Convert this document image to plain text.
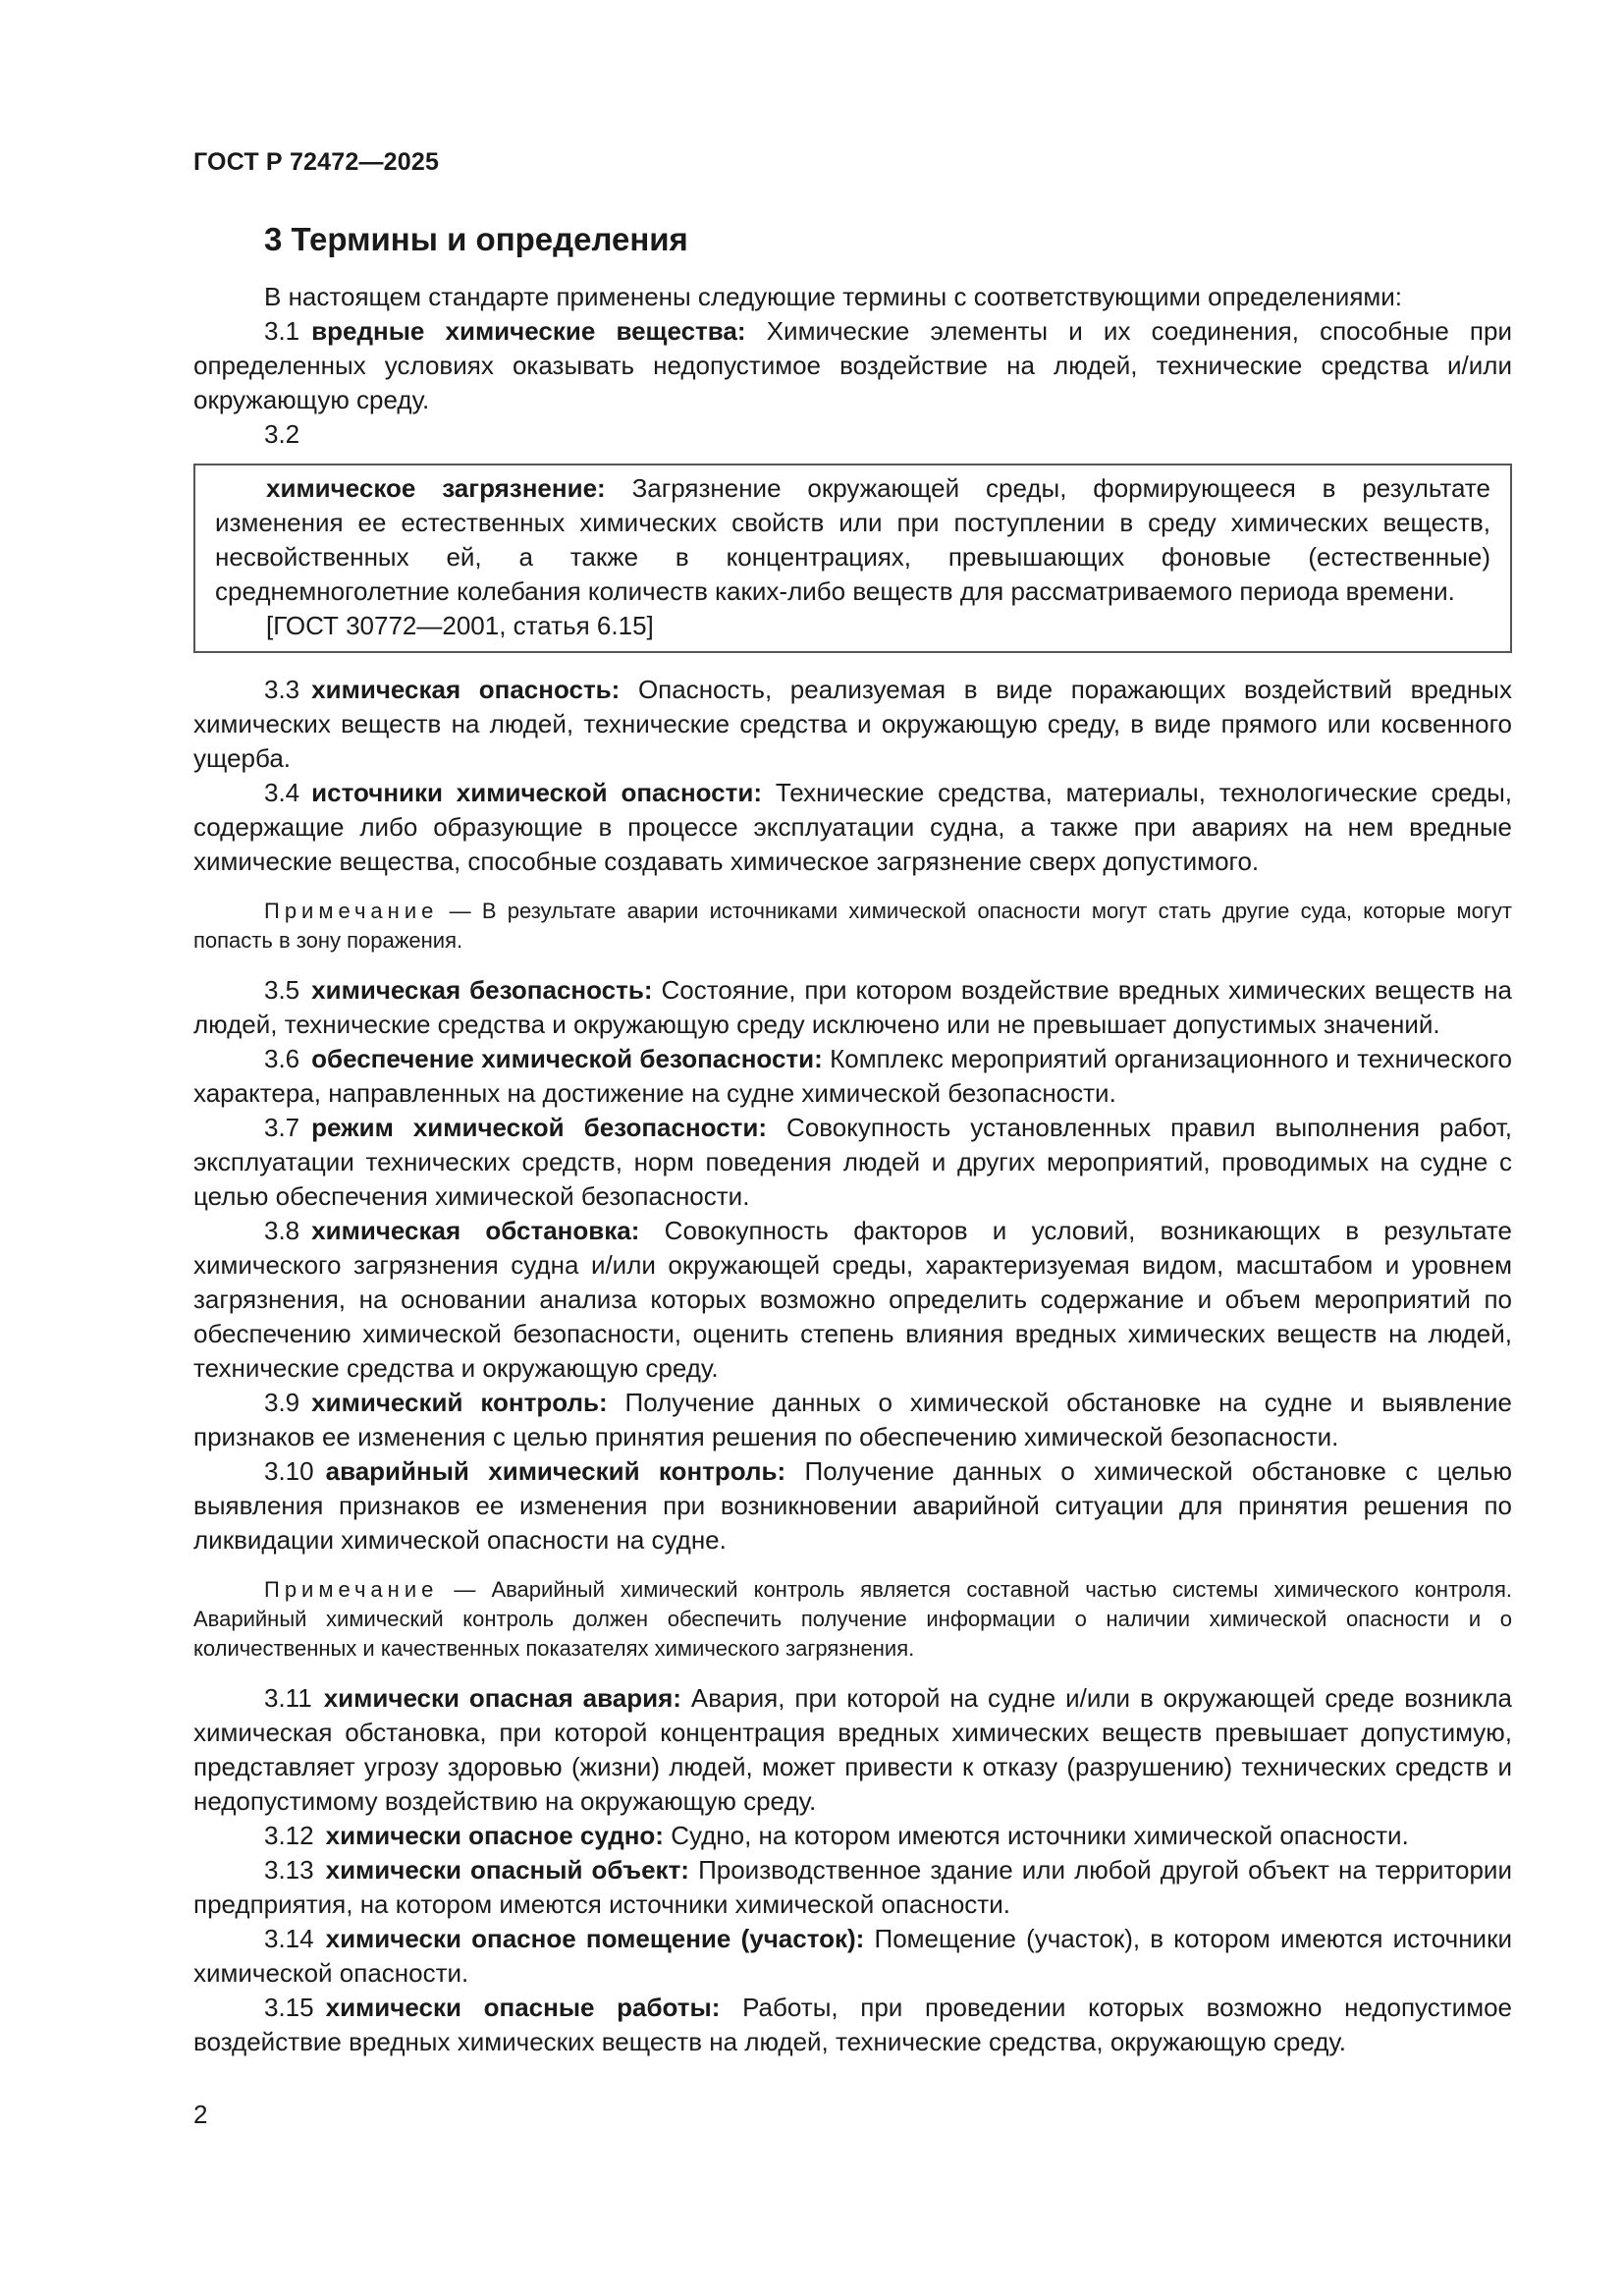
ГОСТ Р 72472—2025
3 Термины и определения

В настоящем стандарте применены следующие термины с соответствующими определениями:

3.1 вредные химические вещества: Химические элементы и их соединения, способные при определенных условиях оказывать недопустимое воздействие на людей, технические средства и/или окружающую среду.

3.2

химическое загрязнение: Загрязнение окружающей среды, формирующееся в результате изменения ее естественных химических свойств или при поступлении в среду химических веществ, несвойственных ей, а также в концентрациях, превышающих фоновые (естественные) среднемноголетние колебания количеств каких-либо веществ для рассматриваемого периода времени.

[ГОСТ 30772—2001, статья 6.15]

3.3 химическая опасность: Опасность, реализуемая в виде поражающих воздействий вредных химических веществ на людей, технические средства и окружающую среду, в виде прямого или косвенного ущерба.

3.4 источники химической опасности: Технические средства, материалы, технологические среды, содержащие либо образующие в процессе эксплуатации судна, а также при авариях на нем вредные химические вещества, способные создавать химическое загрязнение сверх допустимого.

Примечание — В результате аварии источниками химической опасности могут стать другие суда, которые могут попасть в зону поражения.

3.5 химическая безопасность: Состояние, при котором воздействие вредных химических веществ на людей, технические средства и окружающую среду исключено или не превышает допустимых значений.

3.6 обеспечение химической безопасности: Комплекс мероприятий организационного и технического характера, направленных на достижение на судне химической безопасности.

3.7 режим химической безопасности: Совокупность установленных правил выполнения работ, эксплуатации технических средств, норм поведения людей и других мероприятий, проводимых на судне с целью обеспечения химической безопасности.

3.8 химическая обстановка: Совокупность факторов и условий, возникающих в результате химического загрязнения судна и/или окружающей среды, характеризуемая видом, масштабом и уровнем загрязнения, на основании анализа которых возможно определить содержание и объем мероприятий по обеспечению химической безопасности, оценить степень влияния вредных химических веществ на людей, технические средства и окружающую среду.

3.9 химический контроль: Получение данных о химической обстановке на судне и выявление признаков ее изменения с целью принятия решения по обеспечению химической безопасности.

3.10 аварийный химический контроль: Получение данных о химической обстановке с целью выявления признаков ее изменения при возникновении аварийной ситуации для принятия решения по ликвидации химической опасности на судне.

Примечание — Аварийный химический контроль является составной частью системы химического контроля. Аварийный химический контроль должен обеспечить получение информации о наличии химической опасности и о количественных и качественных показателях химического загрязнения.

3.11 химически опасная авария: Авария, при которой на судне и/или в окружающей среде возникла химическая обстановка, при которой концентрация вредных химических веществ превышает допустимую, представляет угрозу здоровью (жизни) людей, может привести к отказу (разрушению) технических средств и недопустимому воздействию на окружающую среду.

3.12 химически опасное судно: Судно, на котором имеются источники химической опасности.

3.13 химически опасный объект: Производственное здание или любой другой объект на территории предприятия, на котором имеются источники химической опасности.

3.14 химически опасное помещение (участок): Помещение (участок), в котором имеются источники химической опасности.

3.15 химически опасные работы: Работы, при проведении которых возможно недопустимое воздействие вредных химических веществ на людей, технические средства, окружающую среду.

2
